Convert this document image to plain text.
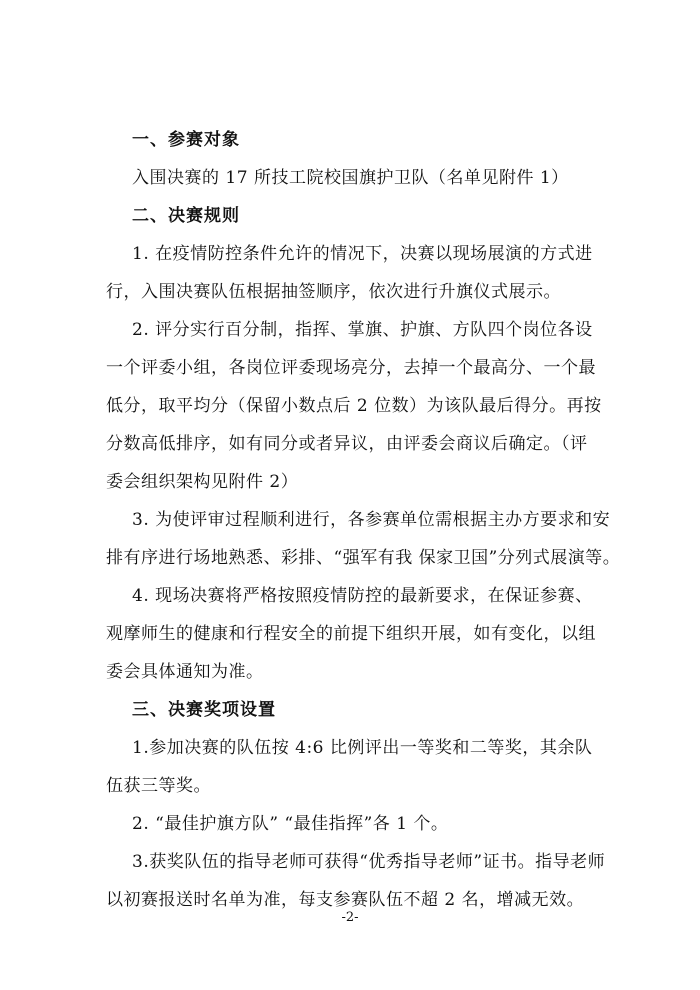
一、参赛对象
入围决赛的 17 所技工院校国旗护卫队（名单见附件 1）
二、决赛规则
1. 在疫情防控条件允许的情况下，决赛以现场展演的方式进
行，入围决赛队伍根据抽签顺序，依次进行升旗仪式展示。
2. 评分实行百分制，指挥、掌旗、护旗、方队四个岗位各设
一个评委小组，各岗位评委现场亮分，去掉一个最高分、一个最
低分，取平均分（保留小数点后 2 位数）为该队最后得分。再按
分数高低排序，如有同分或者异议，由评委会商议后确定。（评
委会组织架构见附件 2）
3. 为使评审过程顺利进行，各参赛单位需根据主办方要求和安
排有序进行场地熟悉、彩排、“强军有我 保家卫国”分列式展演等。
4. 现场决赛将严格按照疫情防控的最新要求，在保证参赛、
观摩师生的健康和行程安全的前提下组织开展，如有变化，以组
委会具体通知为准。
三、决赛奖项设置
1.参加决赛的队伍按 4:6 比例评出一等奖和二等奖，其余队
伍获三等奖。
2. “最佳护旗方队” “最佳指挥”各 1 个。
3.获奖队伍的指导老师可获得“优秀指导老师”证书。指导老师
以初赛报送时名单为准，每支参赛队伍不超 2 名，增减无效。
-2-
